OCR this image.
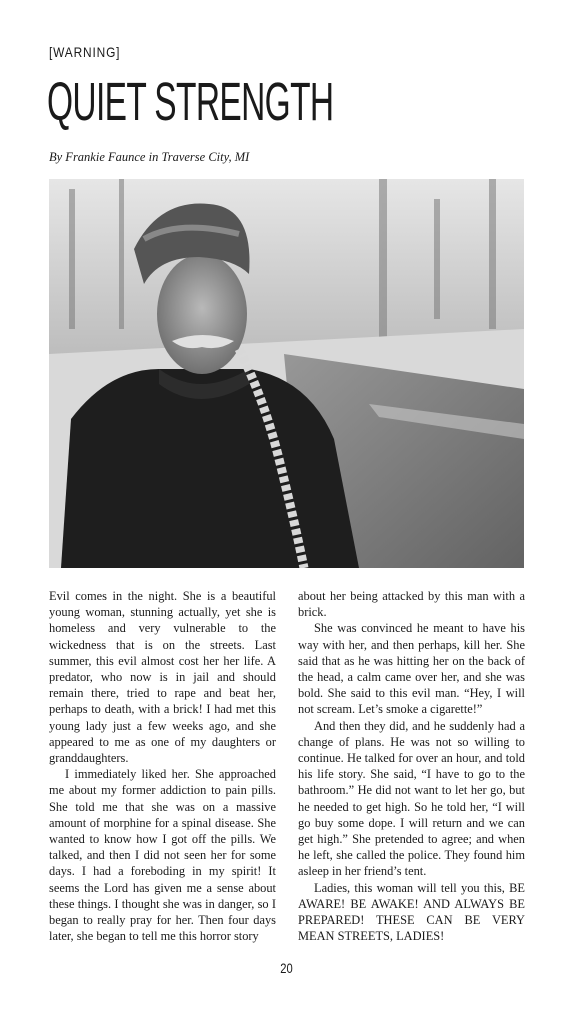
[WARNING]
QUIET STRENGTH
By Frankie Faunce in Traverse City, MI

Evil comes in the night. She is a beautiful young woman, stunning actually, yet she is homeless and very vulnerable to the wickedness that is on the streets. Last summer, this evil almost cost her her life. A predator, who now is in jail and should remain there, tried to rape and beat her, perhaps to death, with a brick! I had met this young lady just a few weeks ago, and she appeared to me as one of my daughters or granddaughters.

I immediately liked her. She approached me about my former addiction to pain pills. She told me that she was on a massive amount of morphine for a spinal disease. She wanted to know how I got off the pills. We talked, and then I did not seen her for some days. I had a foreboding in my spirit! It seems the Lord has given me a sense about these things. I thought she was in danger, so I began to really pray for her. Then four days later, she began to tell me this horror story

about her being attacked by this man with a brick.

She was convinced he meant to have his way with her, and then perhaps, kill her. She said that as he was hitting her on the back of the head, a calm came over her, and she was bold. She said to this evil man. “Hey, I will not scream. Let’s smoke a cigarette!”

And then they did, and he suddenly had a change of plans. He was not so willing to continue. He talked for over an hour, and told his life story. She said, “I have to go to the bathroom.” He did not want to let her go, but he needed to get high. So he told her, “I will go buy some dope. I will return and we can get high.” She pretended to agree; and when he left, she called the police. They found him asleep in her friend’s tent.

Ladies, this woman will tell you this, BE AWARE! BE AWAKE! AND ALWAYS BE PREPARED! THESE CAN BE VERY MEAN STREETS, LADIES!

20
